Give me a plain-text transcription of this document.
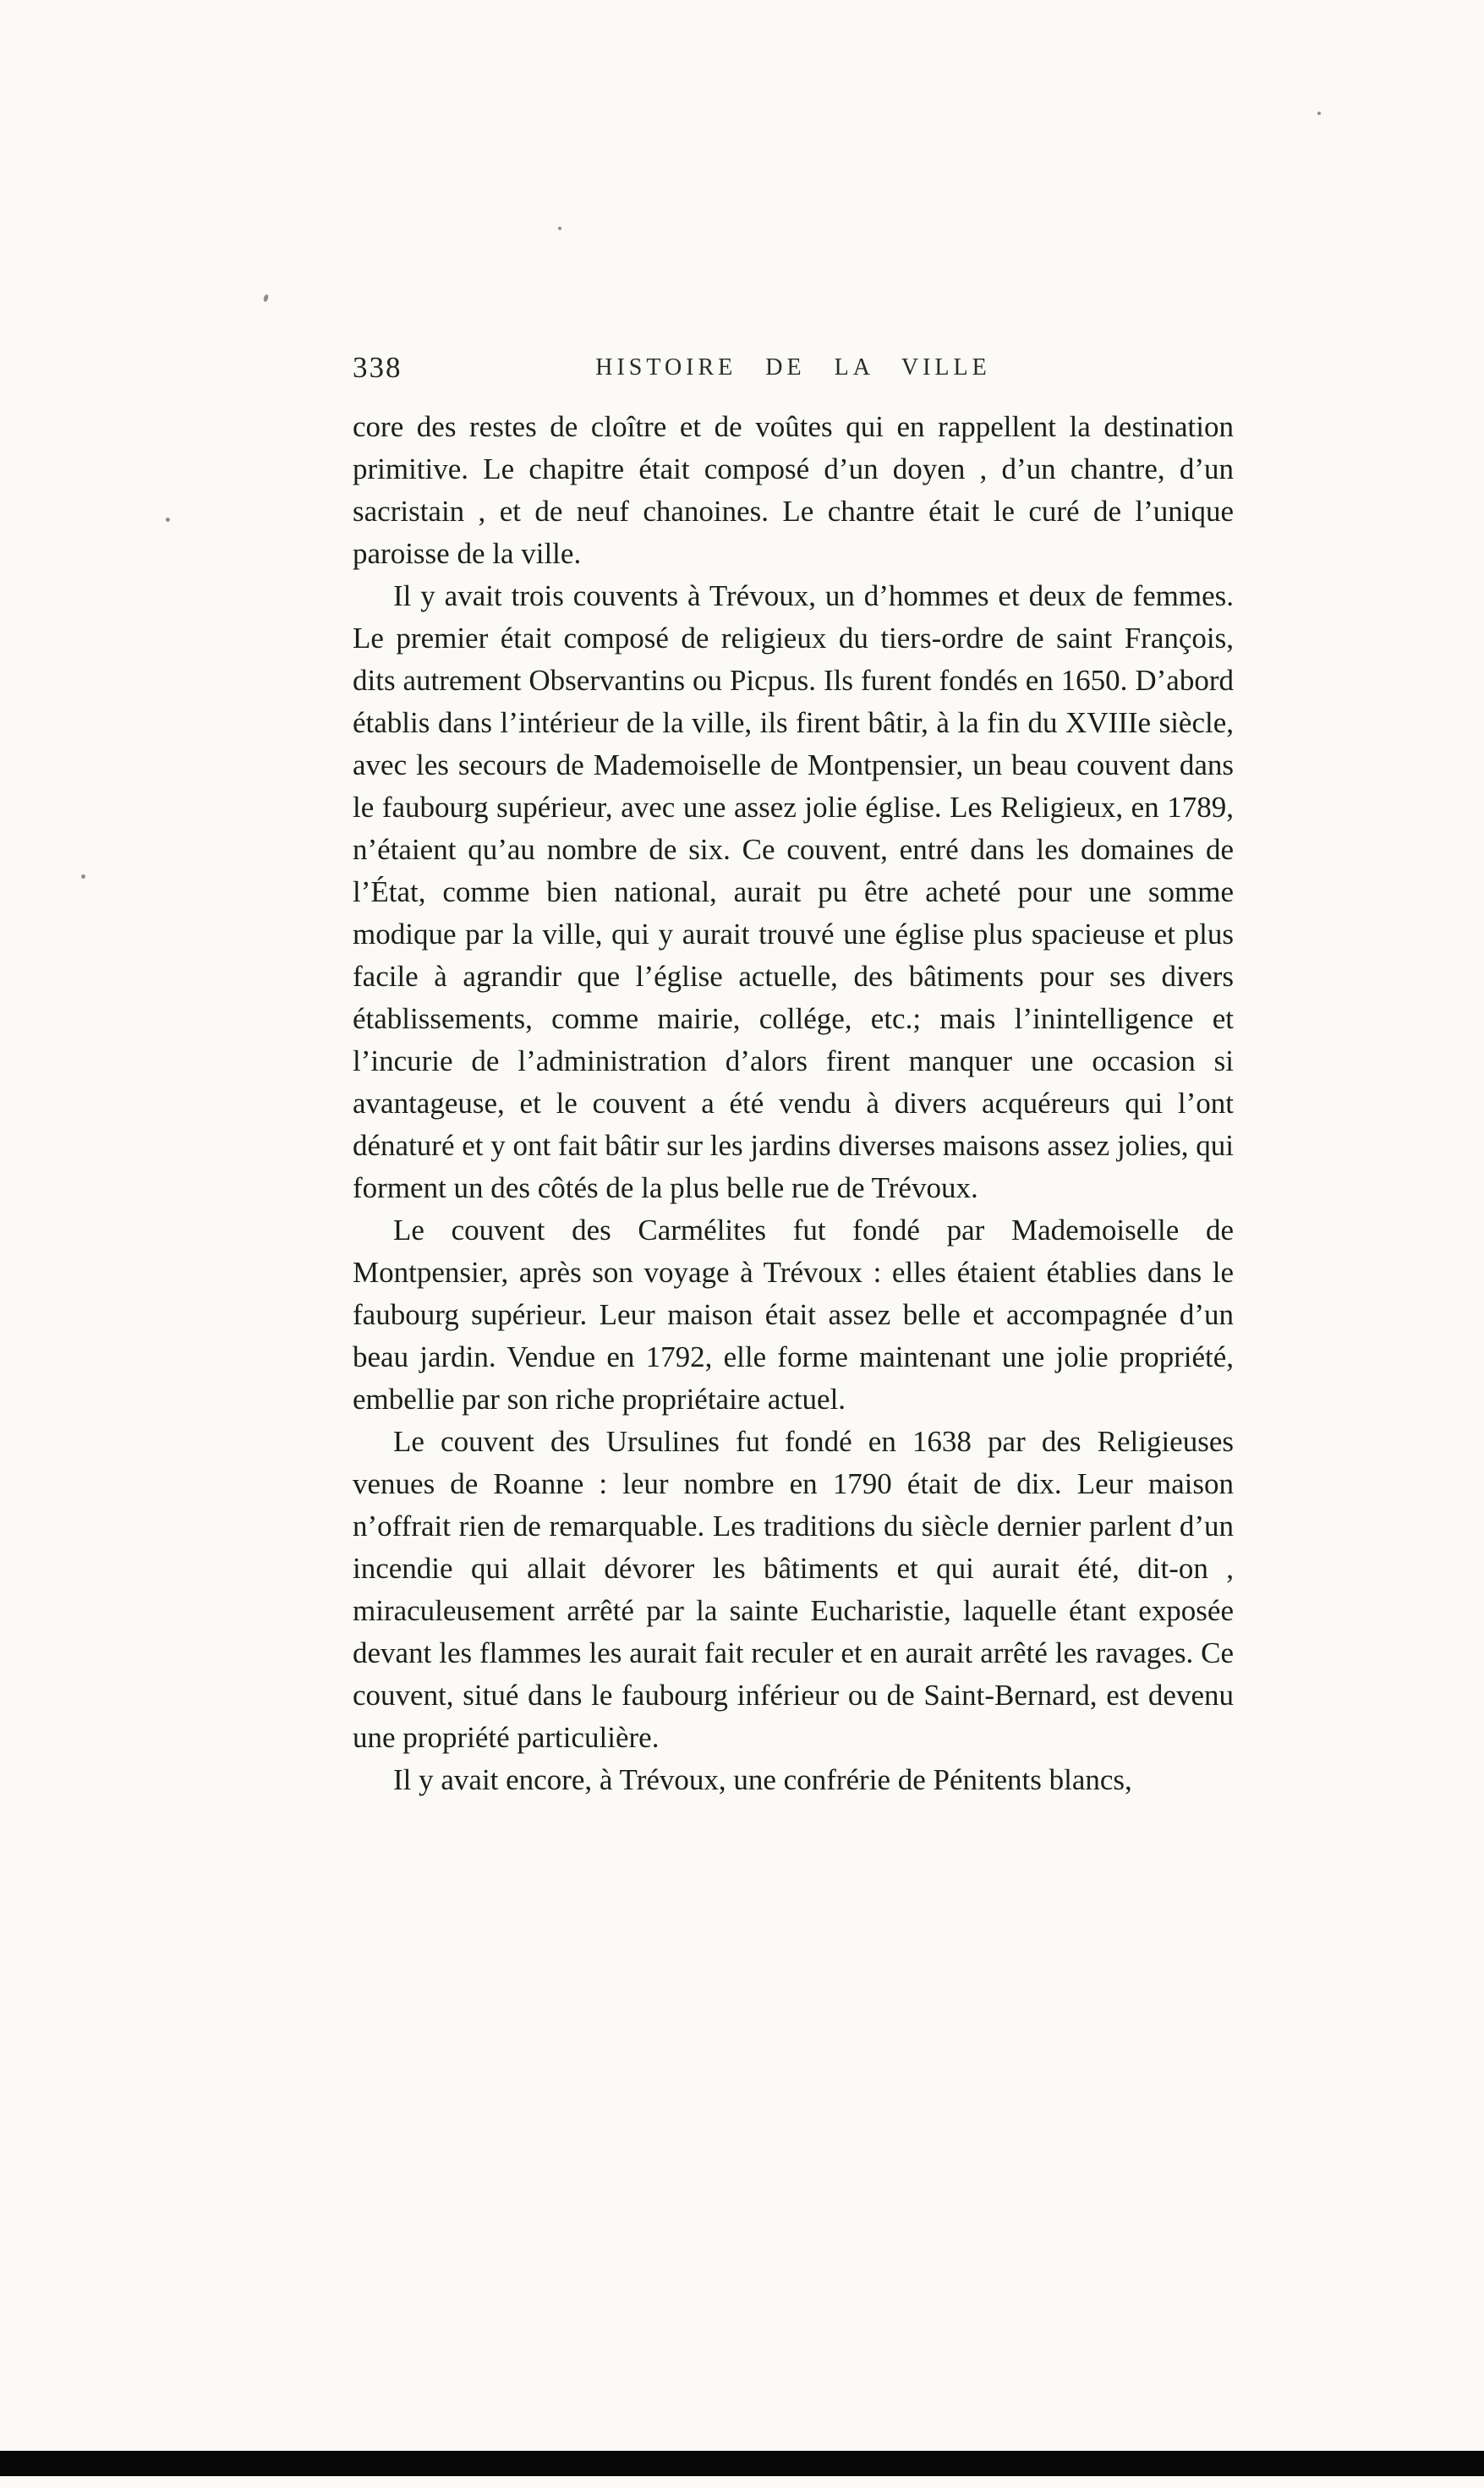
338	HISTOIRE DE LA VILLE

core des restes de cloître et de voûtes qui en rappellent la destination primitive. Le chapitre était composé d’un doyen , d’un chantre, d’un sacristain , et de neuf chanoines. Le chantre était le curé de l’unique paroisse de la ville.

Il y avait trois couvents à Trévoux, un d’hommes et deux de femmes. Le premier était composé de religieux du tiers-ordre de saint François, dits autrement Observantins ou Picpus. Ils furent fondés en 1650. D’abord établis dans l’intérieur de la ville, ils firent bâtir, à la fin du XVIIIe siècle, avec les secours de Mademoiselle de Montpensier, un beau couvent dans le faubourg supérieur, avec une assez jolie église. Les Religieux, en 1789, n’étaient qu’au nombre de six. Ce couvent, entré dans les domaines de l’État, comme bien national, aurait pu être acheté pour une somme modique par la ville, qui y aurait trouvé une église plus spacieuse et plus facile à agrandir que l’église actuelle, des bâtiments pour ses divers établissements, comme mairie, collége, etc.; mais l’inintelligence et l’incurie de l’administration d’alors firent manquer une occasion si avantageuse, et le couvent a été vendu à divers acquéreurs qui l’ont dénaturé et y ont fait bâtir sur les jardins diverses maisons assez jolies, qui forment un des côtés de la plus belle rue de Trévoux.

Le couvent des Carmélites fut fondé par Mademoiselle de Montpensier, après son voyage à Trévoux : elles étaient établies dans le faubourg supérieur. Leur maison était assez belle et accompagnée d’un beau jardin. Vendue en 1792, elle forme maintenant une jolie propriété, embellie par son riche propriétaire actuel.

Le couvent des Ursulines fut fondé en 1638 par des Religieuses venues de Roanne : leur nombre en 1790 était de dix. Leur maison n’offrait rien de remarquable. Les traditions du siècle dernier parlent d’un incendie qui allait dévorer les bâtiments et qui aurait été, dit-on , miraculeusement arrêté par la sainte Eucharistie, laquelle étant exposée devant les flammes les aurait fait reculer et en aurait arrêté les ravages. Ce couvent, situé dans le faubourg inférieur ou de Saint-Bernard, est devenu une propriété particulière.

Il y avait encore, à Trévoux, une confrérie de Pénitents blancs,
